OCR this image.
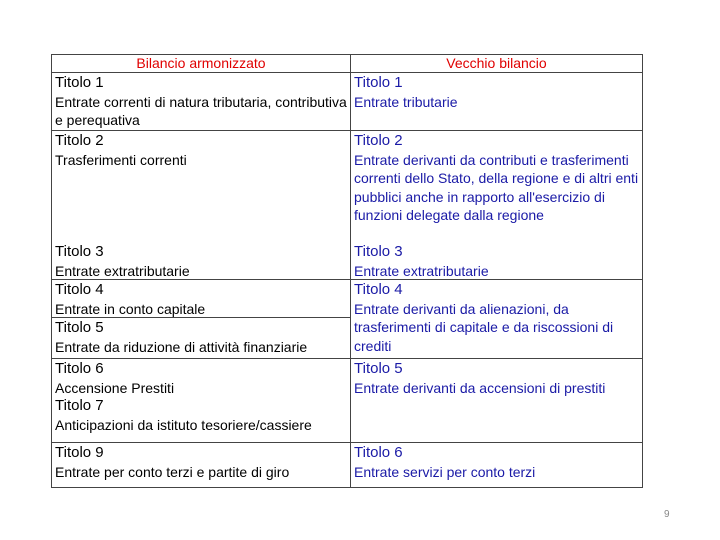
Bilancio armonizzato	Vecchio bilancio
Titolo 1
Entrate correnti di natura tributaria, contributiva e perequativa
Titolo 2
Trasferimenti correnti
Titolo 3
Entrate extratributarie
Titolo 4
Entrate in conto capitale
Titolo 5
Entrate da riduzione di attività finanziarie
Titolo 6
Accensione Prestiti
Titolo 7
Anticipazioni da istituto tesoriere/cassiere
Titolo 9
Entrate per conto terzi e partite di giro
Titolo 1
Entrate tributarie
Titolo 2
Entrate derivanti da contributi e trasferimenti correnti dello Stato, della regione e di altri enti pubblici anche in rapporto all'esercizio di funzioni delegate dalla regione
Titolo 3
Entrate extratributarie
Titolo 4
Entrate derivanti da alienazioni, da trasferimenti di capitale e da riscossioni di crediti
Titolo 5
Entrate derivanti da accensioni di prestiti
Titolo 6
Entrate servizi per conto terzi
9
